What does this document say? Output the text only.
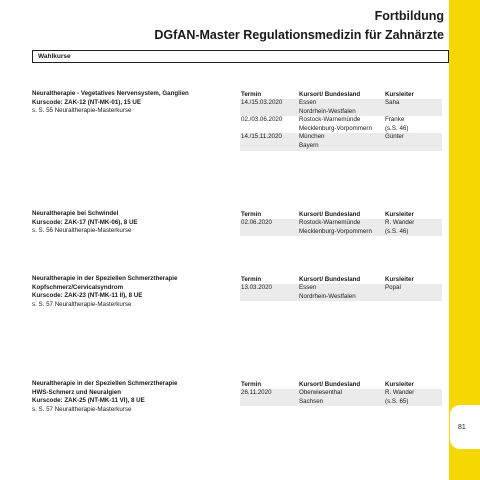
81
Fortbildung
DGfAN-Master Regulationsmedizin für Zahnärzte
Wahlkurse
Neuraltherapie - Vegetatives Nervensystem, Ganglien
Kurscode: ZAK-12 (NT-MK-01), 15 UE
s. S. 55 Neuraltherapie-Masterkurse
Termin	Kursort/ Bundesland	Kursleiter
14./15.03.2020	Essen	Saha
Nordrhein-Westfalen
02./03.06.2020	Rostock-Warnemünde	Franke
Mecklenburg-Vorpommern	(s.S. 46)
14./15.11.2020	München	Günter
Bayern
Neuraltherapie bei Schwindel
Kurscode: ZAK-17 (NT-MK-06), 8 UE
s. S. 56 Neuraltherapie-Masterkurse
Termin	Kursort/ Bundesland	Kursleiter
02.06.2020	Rostock-Warnemünde	R. Wander
Mecklenburg-Vorpommern	(s.S. 46)
Neuraltherapie in der Speziellen Schmerztherapie
Kopfschmerz/Cervicalsyndrom
Kurscode: ZAK-23 (NT-MK-11 II), 8 UE
s. S. 57 Neuraltherapie-Masterkurse
Termin	Kursort/ Bundesland	Kursleiter
13.03.2020	Essen	Popal
Nordrhein-Westfalen
Neuraltherapie in der Speziellen Schmerztherapie
HWS-Schmerz und Neuralgien
Kurscode: ZAK-25 (NT-MK-11 VI), 8 UE
s. S. 57 Neuraltherapie-Masterkurse
Termin	Kursort/ Bundesland	Kursleiter
26.11.2020	Oberwiesenthal	R. Wander
Sachsen	(s.S. 65)
